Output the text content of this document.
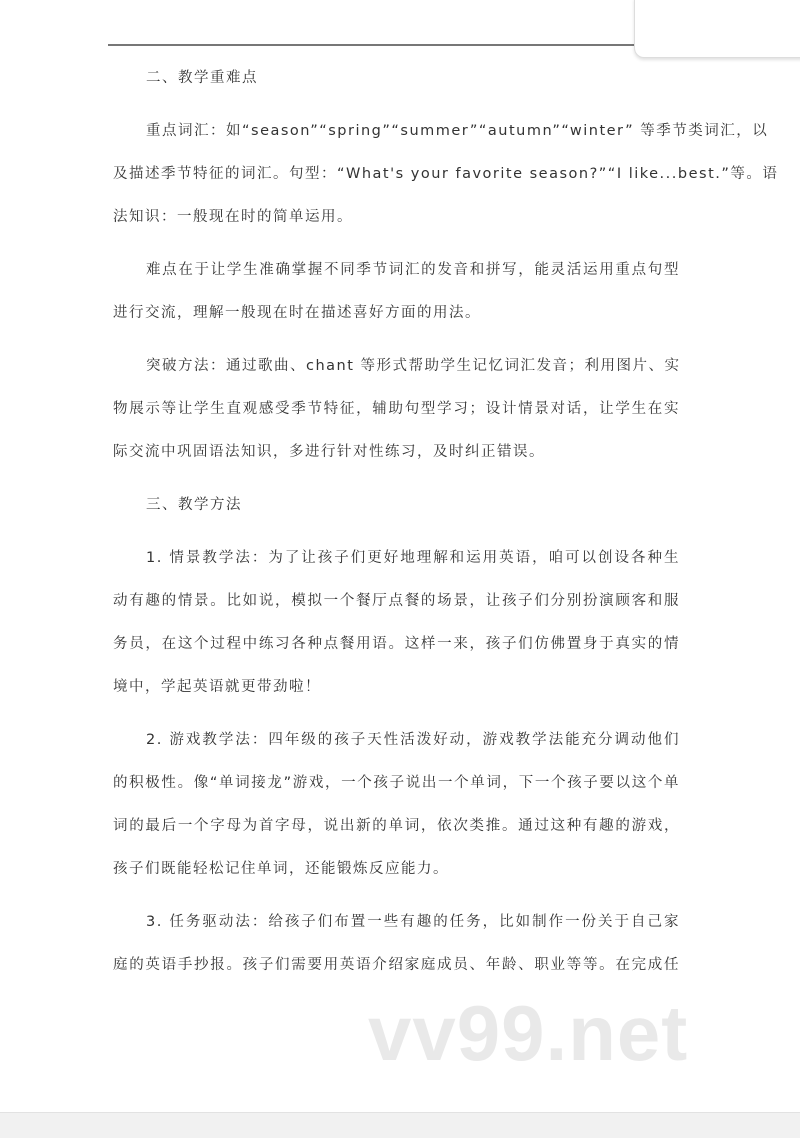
二、教学重难点
重点词汇：如“season”“spring”“summer”“autumn”“winter” 等季节类词汇，以
及描述季节特征的词汇。句型：“What's your favorite season?”“I like...best.”等。语
法知识：一般现在时的简单运用。
难点在于让学生准确掌握不同季节词汇的发音和拼写，能灵活运用重点句型
进行交流，理解一般现在时在描述喜好方面的用法。
突破方法：通过歌曲、chant 等形式帮助学生记忆词汇发音；利用图片、实
物展示等让学生直观感受季节特征，辅助句型学习；设计情景对话，让学生在实
际交流中巩固语法知识，多进行针对性练习，及时纠正错误。
三、教学方法
1. 情景教学法：为了让孩子们更好地理解和运用英语，咱可以创设各种生
动有趣的情景。比如说，模拟一个餐厅点餐的场景，让孩子们分别扮演顾客和服
务员，在这个过程中练习各种点餐用语。这样一来，孩子们仿佛置身于真实的情
境中，学起英语就更带劲啦！
2. 游戏教学法：四年级的孩子天性活泼好动，游戏教学法能充分调动他们
的积极性。像“单词接龙”游戏，一个孩子说出一个单词，下一个孩子要以这个单
词的最后一个字母为首字母，说出新的单词，依次类推。通过这种有趣的游戏，
孩子们既能轻松记住单词，还能锻炼反应能力。
3. 任务驱动法：给孩子们布置一些有趣的任务，比如制作一份关于自己家
庭的英语手抄报。孩子们需要用英语介绍家庭成员、年龄、职业等等。在完成任
vv99.net
